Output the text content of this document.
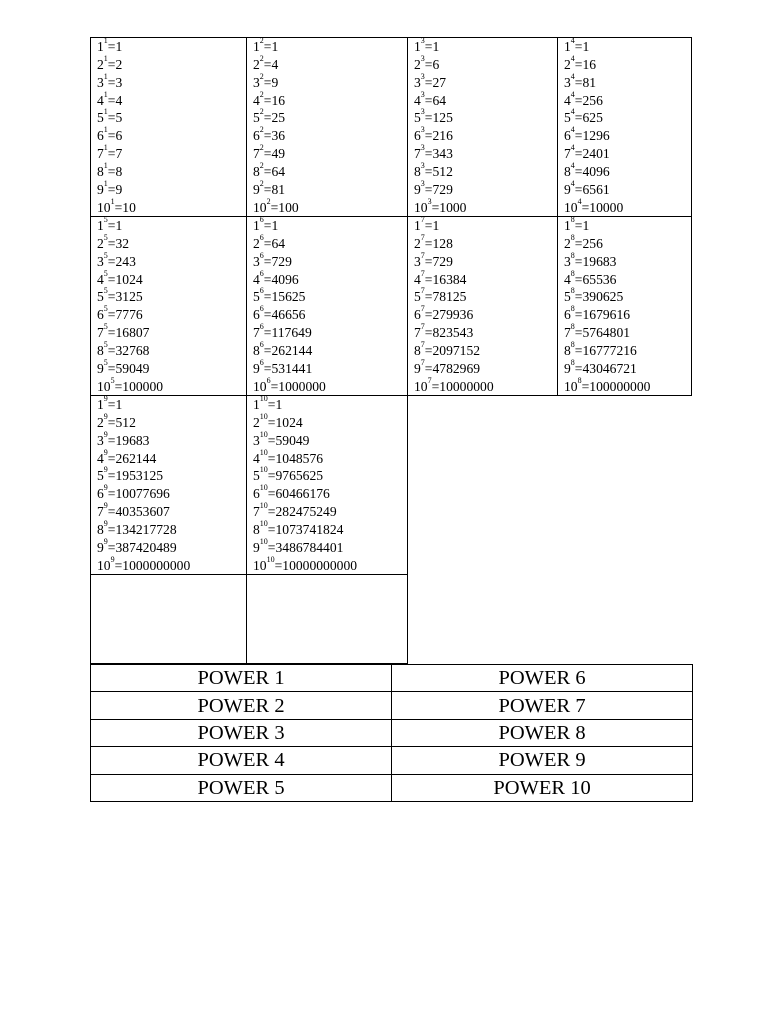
$1^1=1$
$2^1=2$
$3^1=3$
$4^1=4$
$5^1=5$
$6^1=6$
$7^1=7$
$8^1=8$
$9^1=9$
$10^1=10$
$1^2=1$
$2^2=4$
$3^2=9$
$4^2=16$
$5^2=25$
$6^2=36$
$7^2=49$
$8^2=64$
$9^2=81$
$10^2=100$
$1^3=1$
$2^3=6$
$3^3=27$
$4^3=64$
$5^3=125$
$6^3=216$
$7^3=343$
$8^3=512$
$9^3=729$
$10^3=1000$
$1^4=1$
$2^4=16$
$3^4=81$
$4^4=256$
$5^4=625$
$6^4=1296$
$7^4=2401$
$8^4=4096$
$9^4=6561$
$10^4=10000$
$1^5=1$
$2^5=32$
$3^5=243$
$4^5=1024$
$5^5=3125$
$6^5=7776$
$7^5=16807$
$8^5=32768$
$9^5=59049$
$10^5=100000$
$1^6=1$
$2^6=64$
$3^6=729$
$4^6=4096$
$5^6=15625$
$6^6=46656$
$7^6=117649$
$8^6=262144$
$9^6=531441$
$10^6=1000000$
$1^7=1$
$2^7=128$
$3^7=729$
$4^7=16384$
$5^7=78125$
$6^7=279936$
$7^7=823543$
$8^7=2097152$
$9^7=4782969$
$10^7=10000000$
$1^8=1$
$2^8=256$
$3^8=19683$
$4^8=65536$
$5^8=390625$
$6^8=1679616$
$7^8=5764801$
$8^8=16777216$
$9^8=43046721$
$10^8=100000000$
$1^9=1$
$2^9=512$
$3^9=19683$
$4^9=262144$
$5^9=1953125$
$6^9=10077696$
$7^9=40353607$
$8^9=134217728$
$9^9=387420489$
$10^9=1000000000$
$1^{10}=1$
$2^{10}=1024$
$3^{10}=59049$
$4^{10}=1048576$
$5^{10}=9765625$
$6^{10}=60466176$
$7^{10}=282475249$
$8^{10}=1073741824$
$9^{10}=3486784401$
$10^{10}=10000000000$
POWER 1	POWER 6
POWER 2	POWER 7
POWER 3	POWER 8
POWER 4	POWER 9
POWER 5	POWER 10
